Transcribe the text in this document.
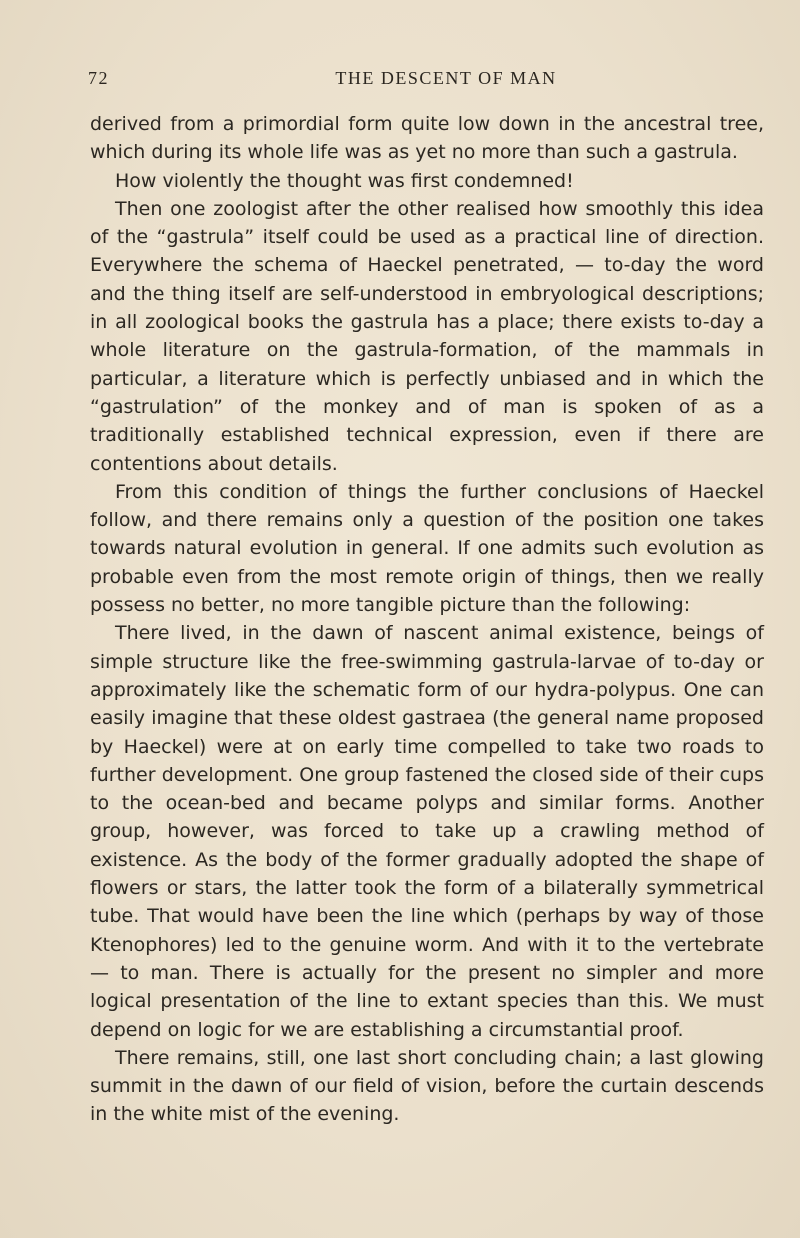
72	THE DESCENT OF MAN

derived from a primordial form quite low down in the ancestral tree, which during its whole life was as yet no more than such a gastrula.

How violently the thought was first condemned!

Then one zoologist after the other realised how smoothly this idea of the “gastrula” itself could be used as a practical line of direction. Everywhere the schema of Haeckel penetrated, — to-day the word and the thing itself are self-understood in embryological descriptions; in all zoological books the gastrula has a place; there exists to-day a whole literature on the gastrula-formation, of the mammals in particular, a literature which is perfectly unbiased and in which the “gastrulation” of the monkey and of man is spoken of as a traditionally established technical expression, even if there are contentions about details.

From this condition of things the further conclusions of Haeckel follow, and there remains only a question of the position one takes towards natural evolution in general. If one admits such evolution as probable even from the most remote origin of things, then we really possess no better, no more tangible picture than the following:

There lived, in the dawn of nascent animal existence, beings of simple structure like the free-swimming gastrula-larvae of to-day or approximately like the schematic form of our hydra-polypus. One can easily imagine that these oldest gastraea (the general name proposed by Haeckel) were at on early time compelled to take two roads to further development. One group fastened the closed side of their cups to the ocean-bed and became polyps and similar forms. Another group, however, was forced to take up a crawling method of existence. As the body of the former gradually adopted the shape of flowers or stars, the latter took the form of a bilaterally symmetrical tube. That would have been the line which (perhaps by way of those Ktenophores) led to the genuine worm. And with it to the vertebrate — to man. There is actually for the present no simpler and more logical presentation of the line to extant species than this. We must depend on logic for we are establishing a circumstantial proof.

There remains, still, one last short concluding chain; a last glowing summit in the dawn of our field of vision, before the curtain descends in the white mist of the evening.
